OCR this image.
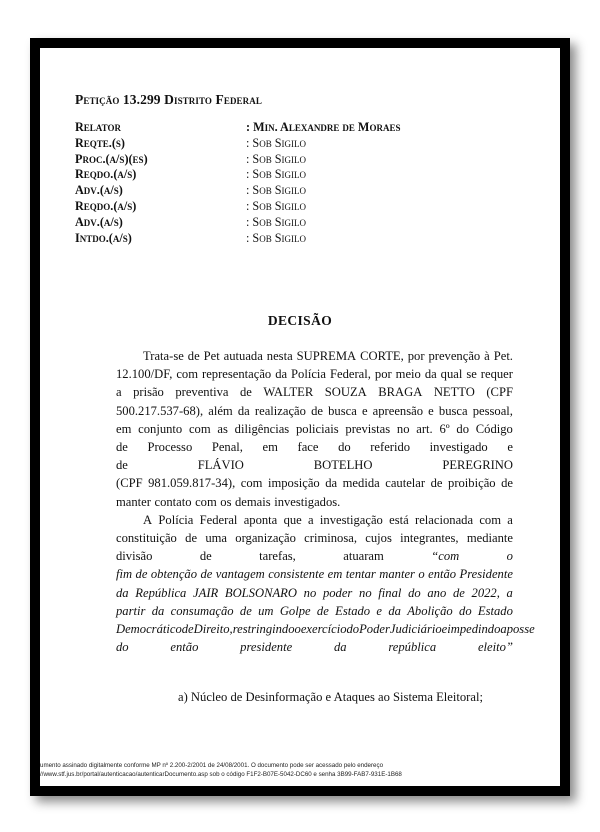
Petição 13.299 Distrito Federal
Relator	: Min. Alexandre de Moraes
Reqte.(s)	: Sob Sigilo
Proc.(a/s)(es)	: Sob Sigilo
Reqdo.(a/s)	: Sob Sigilo
Adv.(a/s)	: Sob Sigilo
Reqdo.(a/s)	: Sob Sigilo
Adv.(a/s)	: Sob Sigilo
Intdo.(a/s)	: Sob Sigilo
DECISÃO
Trata-se de Pet autuada nesta SUPREMA CORTE, por prevenção à Pet.
12.100/DF, com representação da Polícia Federal, por meio da qual se requer
a prisão preventiva de WALTER SOUZA BRAGA NETTO (CPF
500.217.537-68), além da realização de busca e apreensão e busca pessoal,
em conjunto com as diligências policiais previstas no art. 6º do Código
de Processo Penal, em face do referido investigado e
de	FLÁVIO	BOTELHO	PEREGRINO
(CPF 981.059.817-34), com imposição da medida cautelar de proibição de
manter contato com os demais investigados.
A Polícia Federal aponta que a investigação está relacionada com a
constituição de uma organização criminosa, cujos integrantes, mediante
divisão	de	tarefas,	atuaram	“com	o
fim de obtenção de vantagem consistente em tentar manter o então Presidente
da República JAIR BOLSONARO no poder no final do ano de 2022, a
partir da consumação de um Golpe de Estado e da Abolição do Estado
Democrático de Direito, restringindo o exercício do Poder Judiciário e impedindo a posse
do	então	presidente	da	república	eleito”
a) Núcleo de Desinformação e Ataques ao Sistema Eleitoral;
umento assinado digitalmente conforme MP nº 2.200-2/2001 de 24/08/2001. O documento pode ser acessado pelo endereço
//www.stf.jus.br/portal/autenticacao/autenticarDocumento.asp sob o código F1F2-B07E-5042-DC60 e senha 3B99-FAB7-931E-1B68
